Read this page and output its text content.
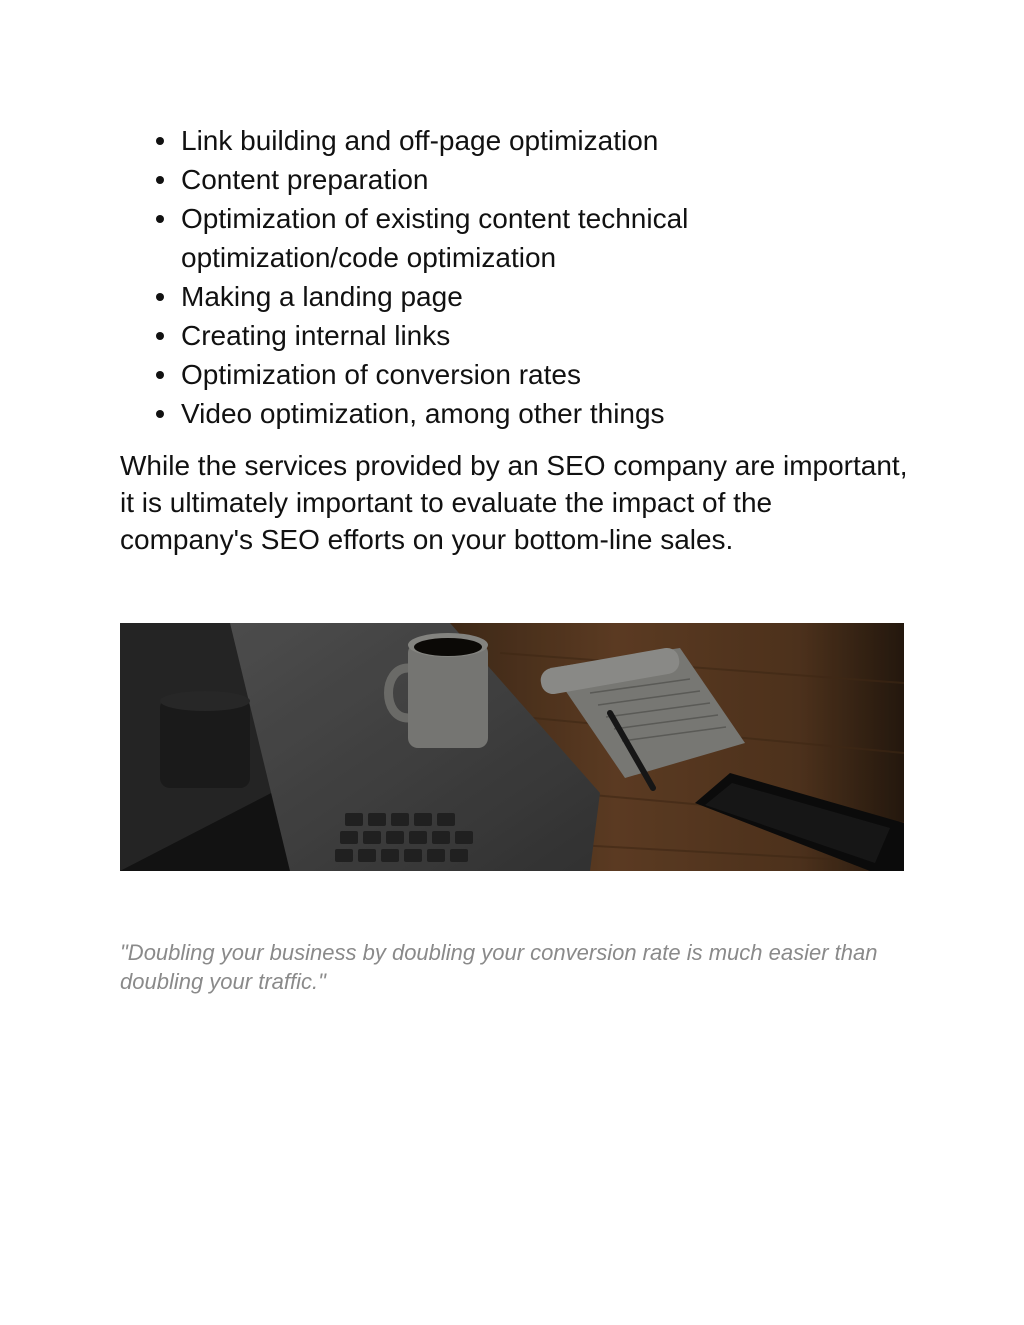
Link building and off-page optimization
Content preparation
Optimization of existing content technical optimization/code optimization
Making a landing page
Creating internal links
Optimization of conversion rates
Video optimization, among other things

While the services provided by an SEO company are important, it is ultimately important to evaluate the impact of the company's SEO efforts on your bottom-line sales.

"Doubling your business by doubling your conversion rate is much easier than doubling your traffic."
